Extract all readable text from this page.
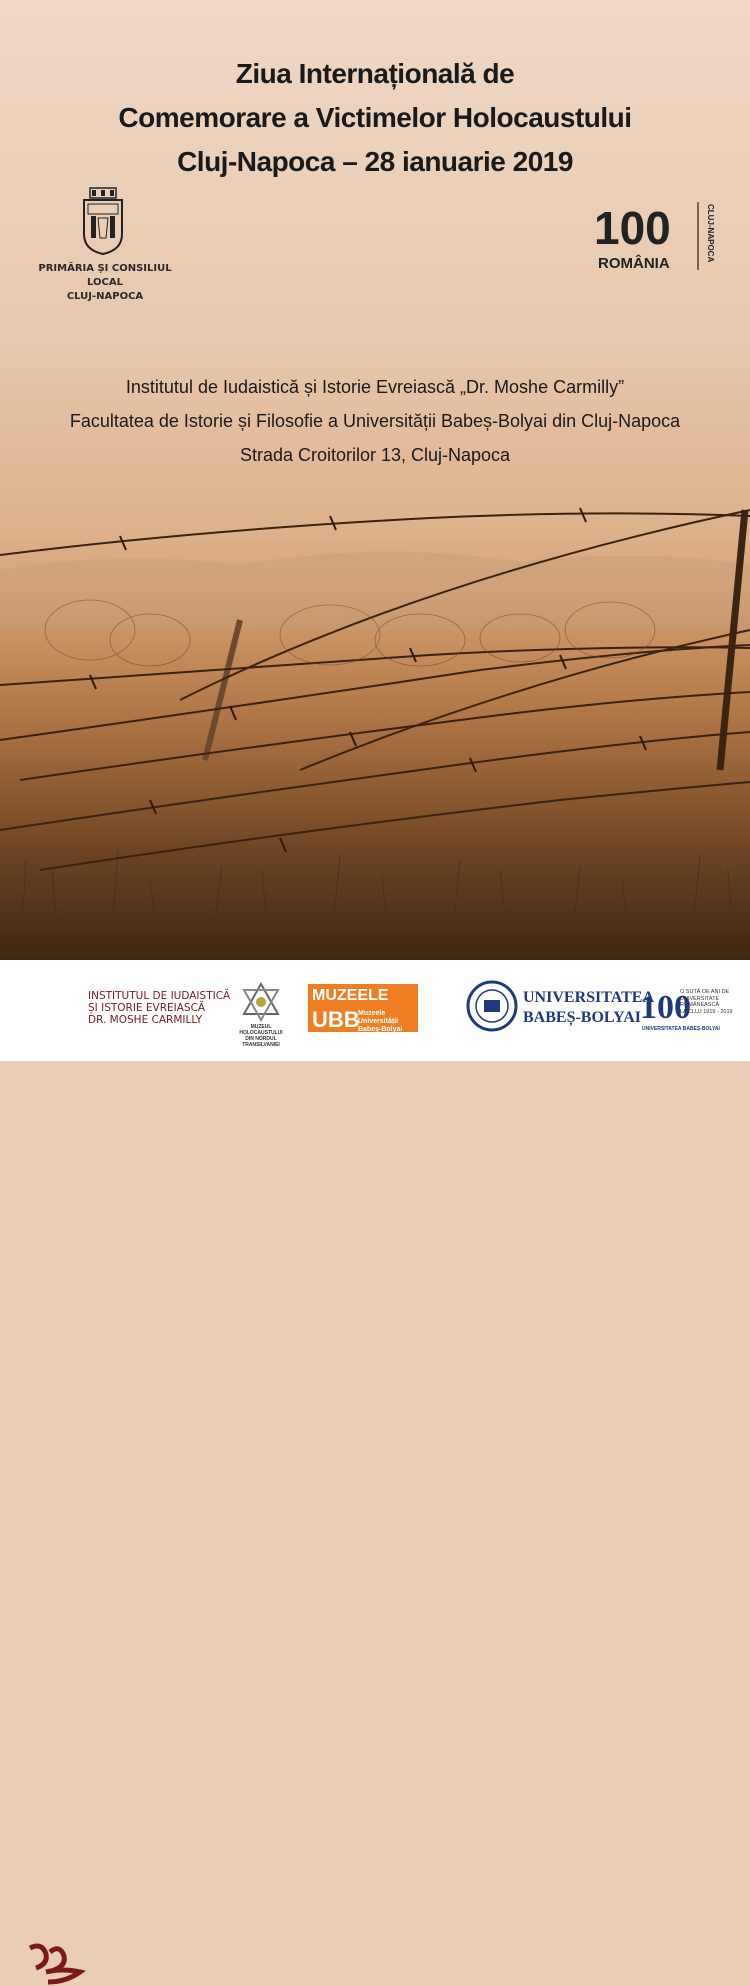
Ziua Internațională de
Comemorare a Victimelor Holocaustului
Cluj-Napoca – 28 ianuarie 2019
PRIMĂRIA ȘI CONSILIUL LOCAL
CLUJ-NAPOCA
100
ROMÂNIA
CLUJ-NAPOCA
Institutul de Iudaistică și Istorie Evreiască „Dr. Moshe Carmilly”
Facultatea de Istorie și Filosofie a Universității Babeș-Bolyai din Cluj-Napoca
Strada Croitorilor 13, Cluj-Napoca
INSTITUTUL DE IUDAISTICĂ
ȘI ISTORIE EVREIASCĂ
DR. MOSHE CARMILLY
MUZEUL HOLOCAUSTULUI
DIN NORDUL TRANSILVANIEI
MUZEELE
UBB
Muzeele
Universității
Babeș-Bolyai
UNIVERSITATEA
BABEȘ-BOLYAI 100
O SUTĂ DE ANI DE
UNIVERSITATE
ROMÂNEASCĂ
LA CLUJ 1919 - 2019
UNIVERSITATEA BABEȘ-BOLYAI
